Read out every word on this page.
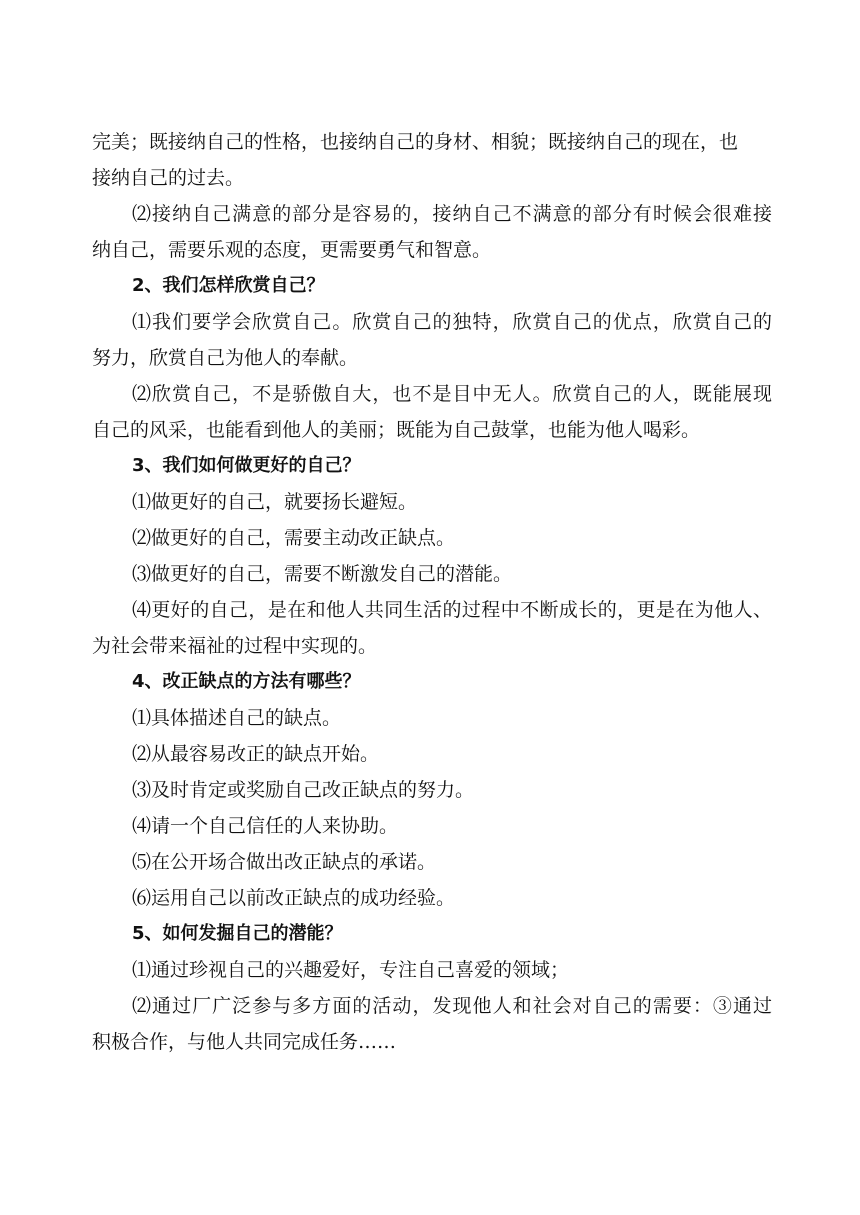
完美；既接纳自己的性格，也接纳自己的身材、相貌；既接纳自己的现在，也
接纳自己的过去。
⑵接纳自己满意的部分是容易的，接纳自己不满意的部分有时候会很难接
纳自己，需要乐观的态度，更需要勇气和智意。
2、我们怎样欣赏自己？
⑴我们要学会欣赏自己。欣赏自己的独特，欣赏自己的优点，欣赏自己的
努力，欣赏自己为他人的奉献。
⑵欣赏自己，不是骄傲自大，也不是目中无人。欣赏自己的人，既能展现
自己的风采，也能看到他人的美丽；既能为自己鼓掌，也能为他人喝彩。
3、我们如何做更好的自己？
⑴做更好的自己，就要扬长避短。
⑵做更好的自己，需要主动改正缺点。
⑶做更好的自己，需要不断激发自己的潜能。
⑷更好的自己，是在和他人共同生活的过程中不断成长的，更是在为他人、
为社会带来福祉的过程中实现的。
4、改正缺点的方法有哪些？
⑴具体描述自己的缺点。
⑵从最容易改正的缺点开始。
⑶及时肯定或奖励自己改正缺点的努力。
⑷请一个自己信任的人来协助。
⑸在公开场合做出改正缺点的承诺。
⑹运用自己以前改正缺点的成功经验。
5、如何发掘自己的潜能？
⑴通过珍视自己的兴趣爱好，专注自己喜爱的领域；
⑵通过厂广泛参与多方面的活动，发现他人和社会对自己的需要：③通过
积极合作，与他人共同完成任务……
